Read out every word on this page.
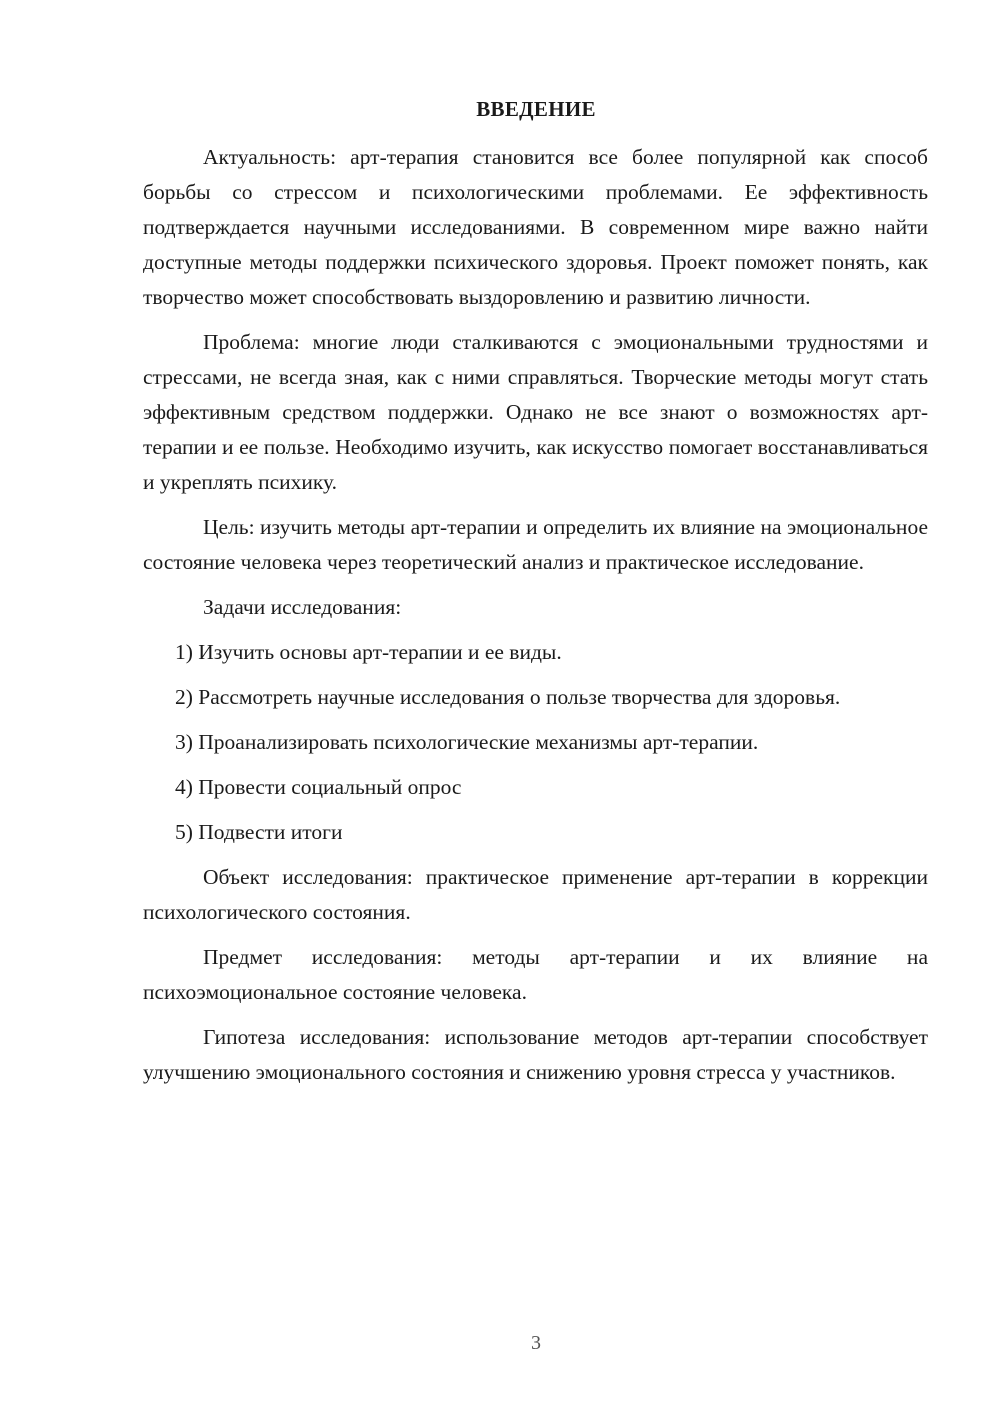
ВВЕДЕНИЕ

Актуальность: арт-терапия становится все более популярной как способ борьбы со стрессом и психологическими проблемами. Ее эффективность подтверждается научными исследованиями. В современном мире важно найти доступные методы поддержки психического здоровья. Проект поможет понять, как творчество может способствовать выздоровлению и развитию личности.

Проблема: многие люди сталкиваются с эмоциональными трудностями и стрессами, не всегда зная, как с ними справляться. Творческие методы могут стать эффективным средством поддержки. Однако не все знают о возможностях арт-терапии и ее пользе. Необходимо изучить, как искусство помогает восстанавливаться и укреплять психику.

Цель: изучить методы арт-терапии и определить их влияние на эмоциональное состояние человека через теоретический анализ и практическое исследование.

Задачи исследования:

1) Изучить основы арт-терапии и ее виды.

2) Рассмотреть научные исследования о пользе творчества для здоровья.

3) Проанализировать психологические механизмы арт-терапии.

4) Провести социальный опрос

5) Подвести итоги

Объект исследования: практическое применение арт-терапии в коррекции психологического состояния.

Предмет исследования: методы арт-терапии и их влияние на психоэмоциональное состояние человека.

Гипотеза исследования: использование методов арт-терапии способствует улучшению эмоционального состояния и снижению уровня стресса у участников.

3
